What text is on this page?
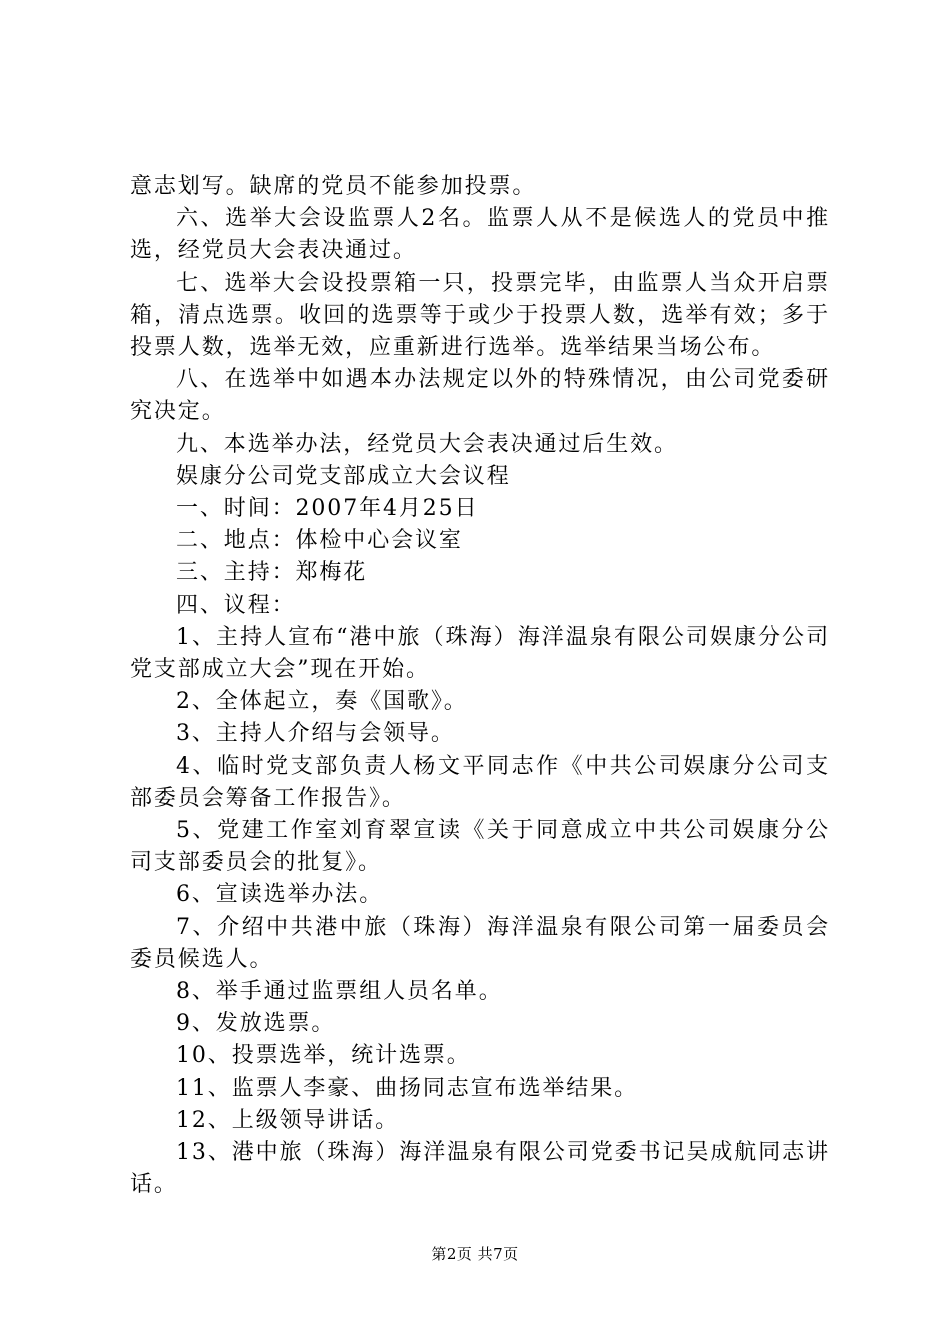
意志划写。缺席的党员不能参加投票。

六、选举大会设监票人2名。监票人从不是候选人的党员中推选，经党员大会表决通过。

七、选举大会设投票箱一只，投票完毕，由监票人当众开启票箱，清点选票。收回的选票等于或少于投票人数，选举有效；多于投票人数，选举无效，应重新进行选举。选举结果当场公布。

八、在选举中如遇本办法规定以外的特殊情况，由公司党委研究决定。

九、本选举办法，经党员大会表决通过后生效。

娱康分公司党支部成立大会议程

一、时间：2007年4月25日

二、地点：体检中心会议室

三、主持：郑梅花

四、议程：

1、主持人宣布“港中旅（珠海）海洋温泉有限公司娱康分公司党支部成立大会”现在开始。

2、全体起立，奏《国歌》。

3、主持人介绍与会领导。

4、临时党支部负责人杨文平同志作《中共公司娱康分公司支部委员会筹备工作报告》。

5、党建工作室刘育翠宣读《关于同意成立中共公司娱康分公司支部委员会的批复》。

6、宣读选举办法。

7、介绍中共港中旅（珠海）海洋温泉有限公司第一届委员会委员候选人。

8、举手通过监票组人员名单。

9、发放选票。

10、投票选举，统计选票。

11、监票人李豪、曲扬同志宣布选举结果。

12、上级领导讲话。

13、港中旅（珠海）海洋温泉有限公司党委书记吴成航同志讲话。

第2页 共7页
